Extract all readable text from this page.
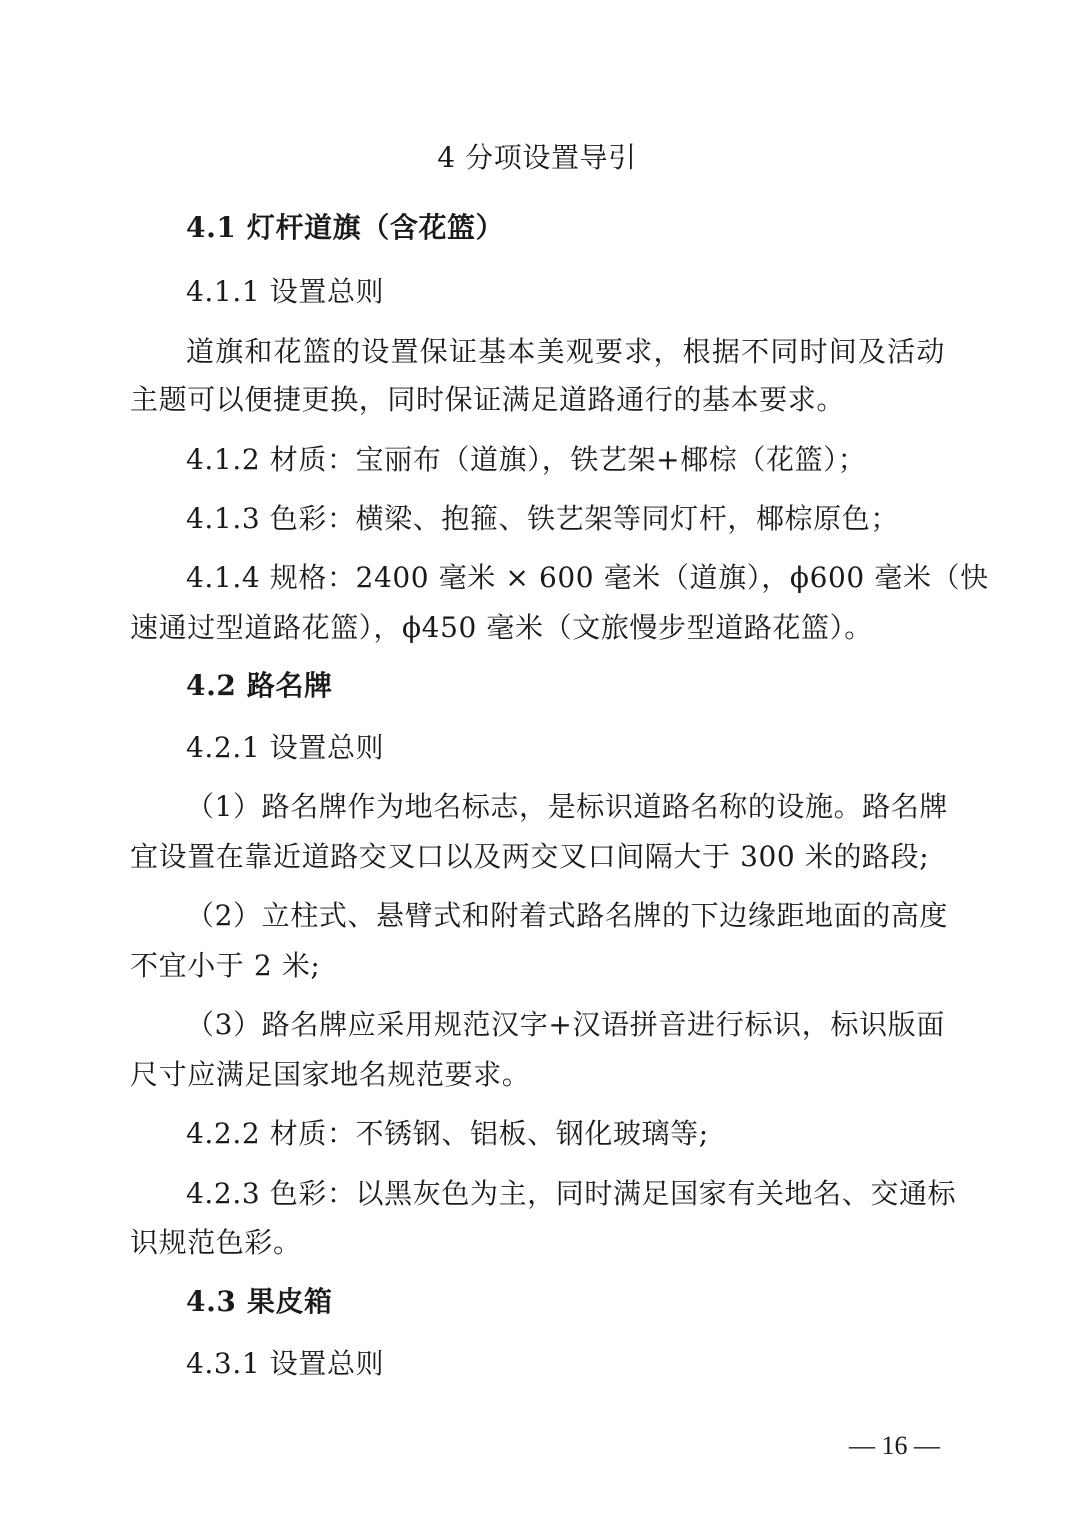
4 分项设置导引
4.1 灯杆道旗（含花篮）
4.1.1 设置总则
道旗和花篮的设置保证基本美观要求，根据不同时间及活动
主题可以便捷更换，同时保证满足道路通行的基本要求。
4.1.2 材质：宝丽布（道旗），铁艺架+椰棕（花篮）；
4.1.3 色彩：横梁、抱箍、铁艺架等同灯杆，椰棕原色；
4.1.4 规格：2400 毫米 × 600 毫米（道旗），ϕ600 毫米（快
速通过型道路花篮），ϕ450 毫米（文旅慢步型道路花篮）。
4.2 路名牌
4.2.1 设置总则
（1）路名牌作为地名标志，是标识道路名称的设施。路名牌
宜设置在靠近道路交叉口以及两交叉口间隔大于 300 米的路段;
（2）立柱式、悬臂式和附着式路名牌的下边缘距地面的高度
不宜小于 2 米;
（3）路名牌应采用规范汉字+汉语拼音进行标识，标识版面
尺寸应满足国家地名规范要求。
4.2.2 材质：不锈钢、铝板、钢化玻璃等;
4.2.3 色彩：以黑灰色为主，同时满足国家有关地名、交通标
识规范色彩。
4.3 果皮箱
4.3.1 设置总则
— 16 —
